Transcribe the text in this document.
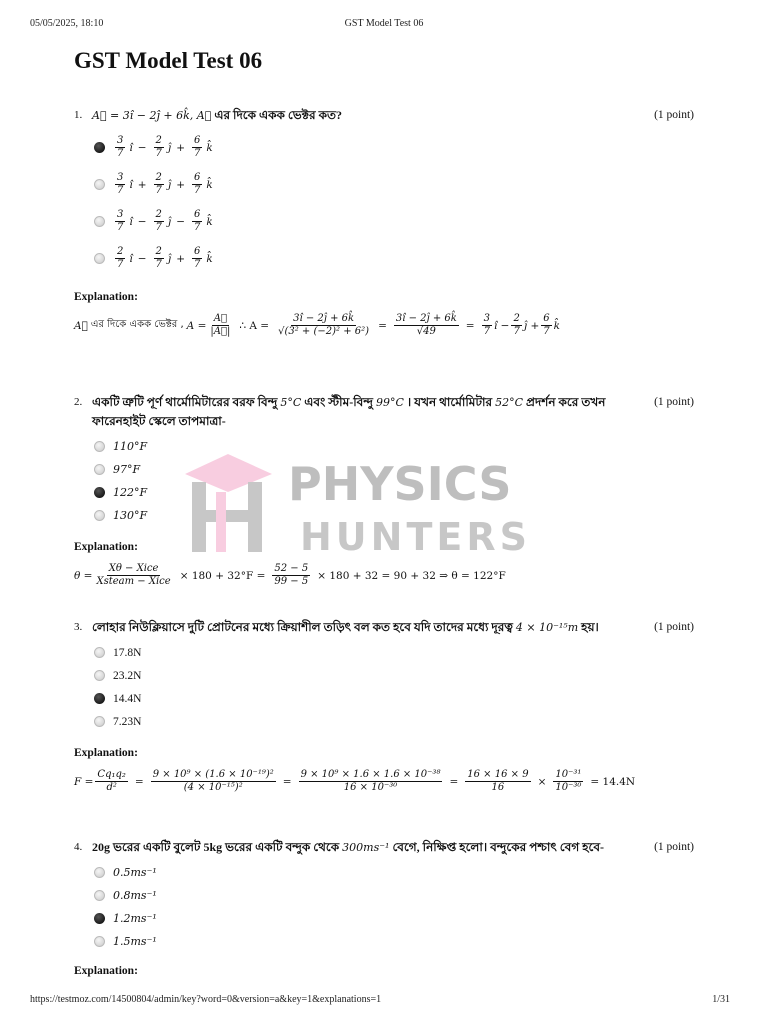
05/05/2025, 18:10	GST Model Test 06
GST Model Test 06
PHYSICS
HUNTERS
1. A⃗ = 3î − 2ĵ + 6k̂, A⃗ এর দিকে একক ভেক্টর কত?	(1 point)
$\frac{3}{7}$ î − $\frac{2}{7}$ ĵ + $\frac{6}{7}$ k̂
$\frac{3}{7}$ î + $\frac{2}{7}$ ĵ + $\frac{6}{7}$ k̂
$\frac{3}{7}$ î − $\frac{2}{7}$ ĵ − $\frac{6}{7}$ k̂
$\frac{2}{7}$ î − $\frac{2}{7}$ ĵ + $\frac{6}{7}$ k̂
Explanation:
A⃗ এর দিকে একক ভেক্টর , $A = \frac{A⃗}{|A⃗|}$ ∴ $A = \frac{3î - 2ĵ + 6k̂}{\text{√(3² + (−2)² + 6²)}} = \frac{3î - 2ĵ + 6k̂}{√49} = \frac{3}{7}$ î − $\frac{2}{7}$ ĵ + $\frac{6}{7}$ k̂
2. একটি ত্রুটি পূর্ণ থার্মোমিটারের বরফ বিন্দু 5°C এবং স্টীম-বিন্দু 99°C । যখন থার্মোমিটার 52°C প্রদর্শন করে তখন ফারেনহাইট স্কেলে তাপমাত্রা-
(1 point)
110°F
97°F
122°F
130°F
Explanation:
$\theta = \frac{\text{Xθ − Xice}}{\text{Xsteam − Xice}} \times 180 + 32^\circ F = \frac{52 - 5}{99 - 5} \times 180 + 32 = 90 + 32$ ⇒ θ = 122°F
3. লোহার নিউক্লিয়াসে দুটি প্রোটনের মধ্যে ক্রিয়াশীল তড়িৎ বল কত হবে যদি তাদের মধ্যে দূরত্ব 4 × 10⁻¹⁵m হয়।	(1 point)
17.8N
23.2N
14.4N
7.23N
Explanation:
$F = \frac{\text{Cq₁q₂}}{\text{d²}} = \frac{\text{9 × 10⁹ × (1.6 × 10⁻¹⁹)²}}{\text{(4 × 10⁻¹⁵)²}} = \frac{\text{9 × 10⁹ × 1.6 × 1.6 × 10⁻³⁸}}{\text{16 × 10⁻³⁰}} = \frac{16 \times 16 \times 9}{16} \times \frac{\text{10⁻³¹}}{\text{10⁻³⁰}} = 14.4N$
4. 20g ভরের একটি বুলেট 5kg ভরের একটি বন্দুক থেকে 300ms⁻¹ বেগে, নিক্ষিপ্ত হলো। বন্দুকের পশ্চাৎ বেগ হবে-	(1 point)
0.5ms⁻¹
0.8ms⁻¹
1.2ms⁻¹
1.5ms⁻¹
Explanation:
https://testmoz.com/14500804/admin/key?word=0&version=a&key=1&explanations=1	1/31
